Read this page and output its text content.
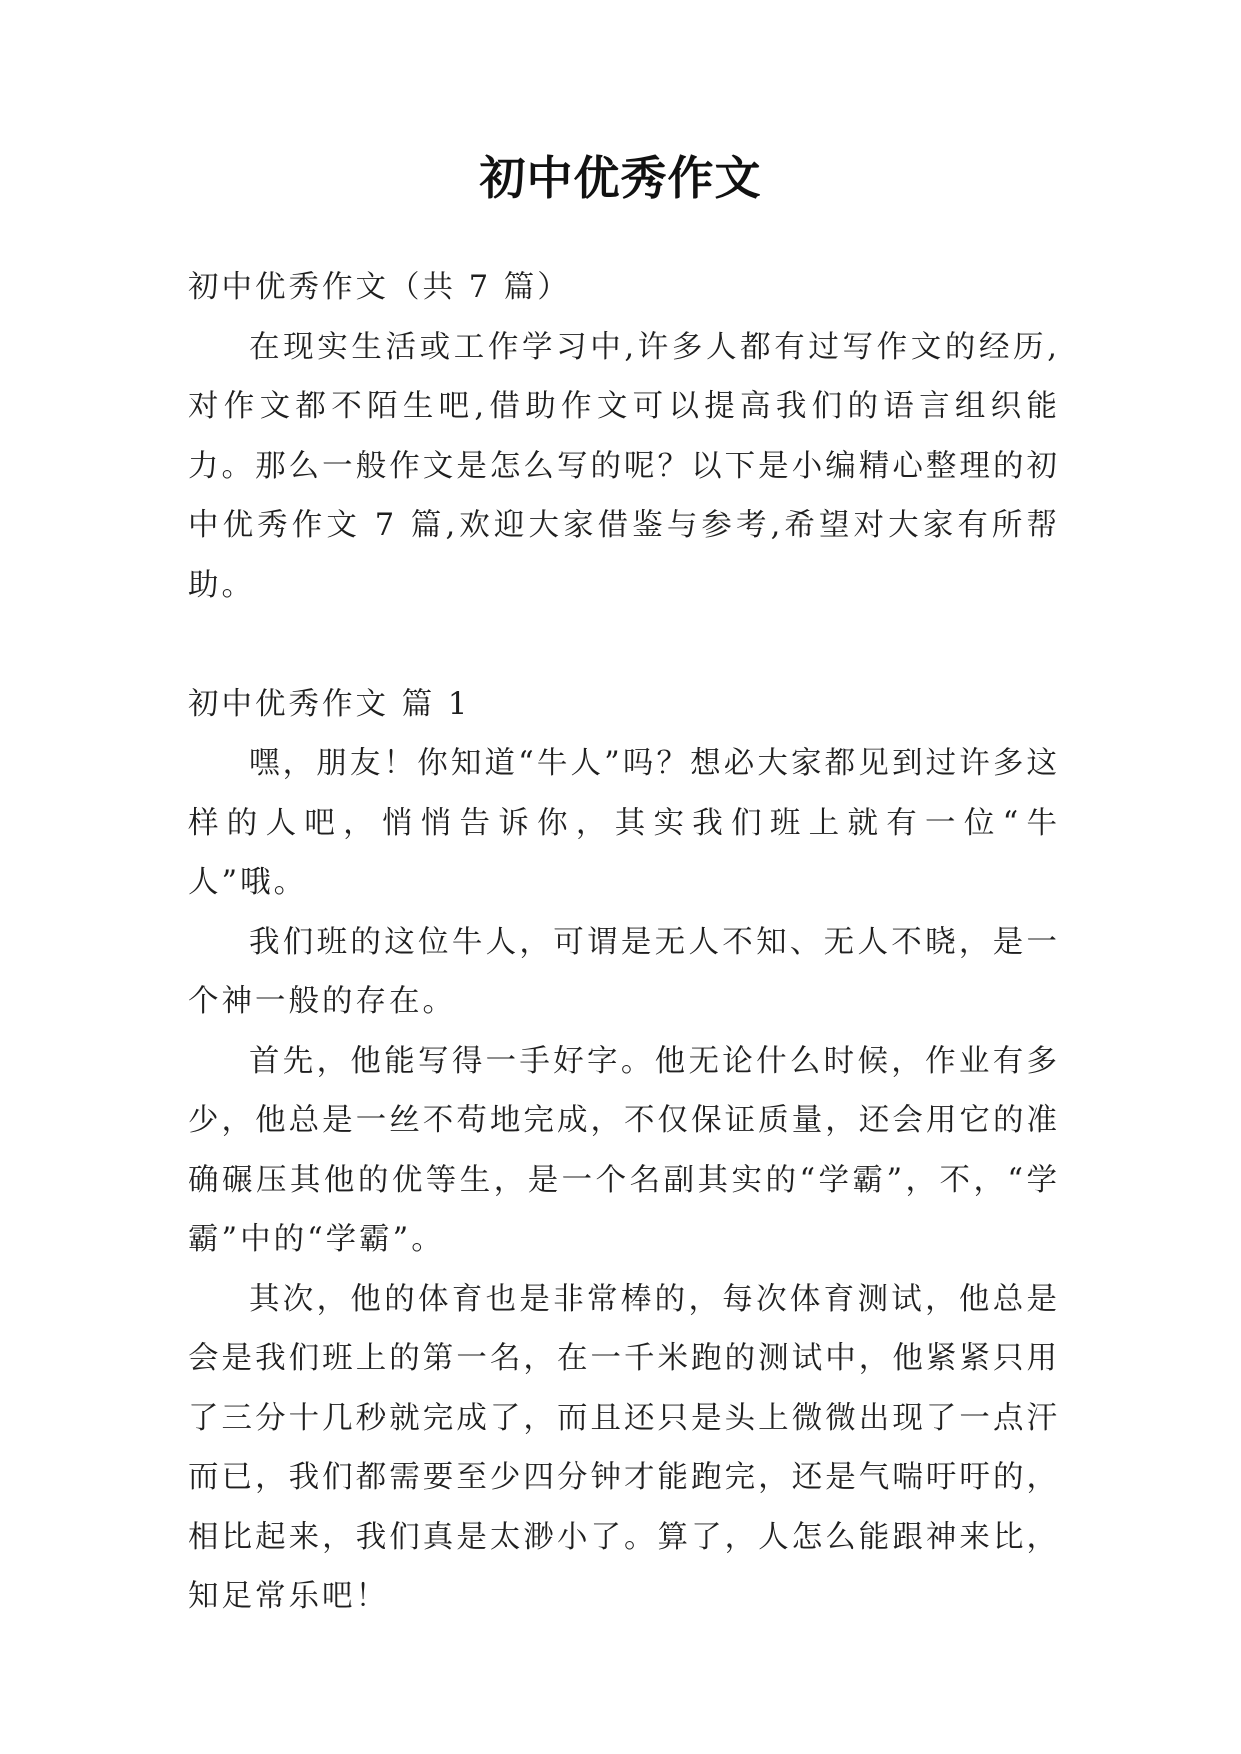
初中优秀作文

初中优秀作文（共 7 篇）

在现实生活或工作学习中,许多人都有过写作文的经历,对作文都不陌生吧,借助作文可以提高我们的语言组织能力。那么一般作文是怎么写的呢？以下是小编精心整理的初中优秀作文 7 篇,欢迎大家借鉴与参考,希望对大家有所帮助。

初中优秀作文 篇 1

嘿，朋友！你知道“牛人”吗？想必大家都见到过许多这样的人吧，悄悄告诉你，其实我们班上就有一位“牛人”哦。

我们班的这位牛人，可谓是无人不知、无人不晓，是一个神一般的存在。

首先，他能写得一手好字。他无论什么时候，作业有多少，他总是一丝不苟地完成，不仅保证质量，还会用它的准确碾压其他的优等生，是一个名副其实的“学霸”，不，“学霸”中的“学霸”。

其次，他的体育也是非常棒的，每次体育测试，他总是会是我们班上的第一名，在一千米跑的测试中，他紧紧只用了三分十几秒就完成了，而且还只是头上微微出现了一点汗而已，我们都需要至少四分钟才能跑完，还是气喘吁吁的，相比起来，我们真是太渺小了。算了，人怎么能跟神来比，知足常乐吧！
